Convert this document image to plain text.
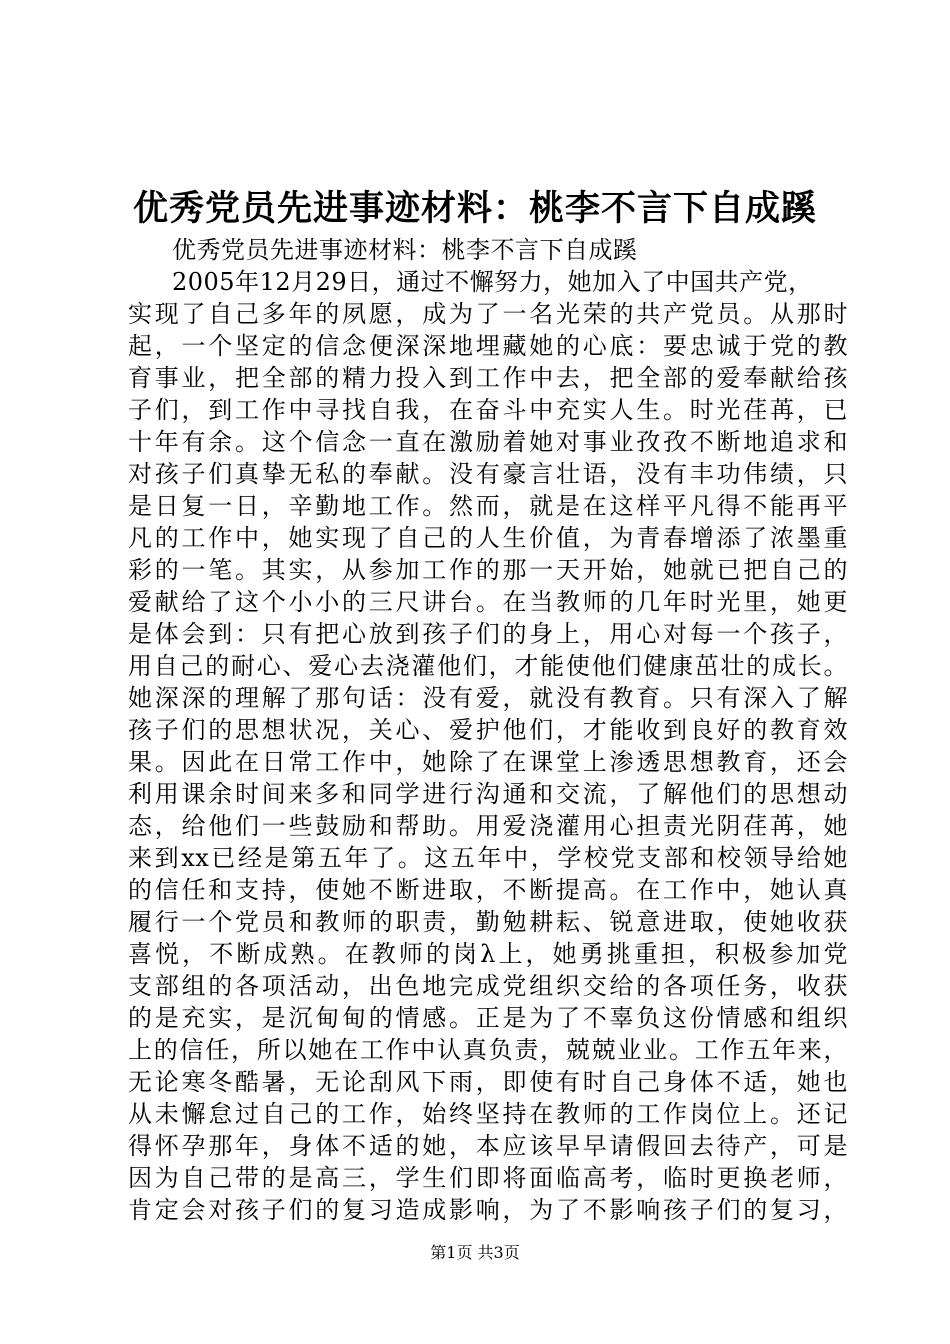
优秀党员先进事迹材料：桃李不言下自成蹊
优秀党员先进事迹材料：桃李不言下自成蹊
2005年12月29日，通过不懈努力，她加入了中国共产党，
实现了自己多年的夙愿，成为了一名光荣的共产党员。从那时
起，一个坚定的信念便深深地埋藏她的心底：要忠诚于党的教
育事业，把全部的精力投入到工作中去，把全部的爱奉献给孩
子们，到工作中寻找自我，在奋斗中充实人生。时光荏苒，已
十年有余。这个信念一直在激励着她对事业孜孜不断地追求和
对孩子们真挚无私的奉献。没有豪言壮语，没有丰功伟绩，只
是日复一日，辛勤地工作。然而，就是在这样平凡得不能再平
凡的工作中，她实现了自己的人生价值，为青春增添了浓墨重
彩的一笔。其实，从参加工作的那一天开始，她就已把自己的
爱献给了这个小小的三尺讲台。在当教师的几年时光里，她更
是体会到：只有把心放到孩子们的身上，用心对每一个孩子，
用自己的耐心、爱心去浇灌他们，才能使他们健康茁壮的成长。
她深深的理解了那句话：没有爱，就没有教育。只有深入了解
孩子们的思想状况，关心、爱护他们，才能收到良好的教育效
果。因此在日常工作中，她除了在课堂上渗透思想教育，还会
利用课余时间来多和同学进行沟通和交流，了解他们的思想动
态，给他们一些鼓励和帮助。用爱浇灌用心担责光阴荏苒，她
来到xx已经是第五年了。这五年中，学校党支部和校领导给她
的信任和支持，使她不断进取，不断提高。在工作中，她认真
履行一个党员和教师的职责，勤勉耕耘、锐意进取，使她收获
喜悦，不断成熟。在教师的岗λ上，她勇挑重担，积极参加党
支部组的各项活动，出色地完成党组织交给的各项任务，收获
的是充实，是沉甸甸的情感。正是为了不辜负这份情感和组织
上的信任，所以她在工作中认真负责，兢兢业业。工作五年来，
无论寒冬酷暑，无论刮风下雨，即使有时自己身体不适，她也
从未懈怠过自己的工作，始终坚持在教师的工作岗位上。还记
得怀孕那年，身体不适的她，本应该早早请假回去待产，可是
因为自己带的是高三，学生们即将面临高考，临时更换老师，
肯定会对孩子们的复习造成影响，为了不影响孩子们的复习，
第1页 共3页
